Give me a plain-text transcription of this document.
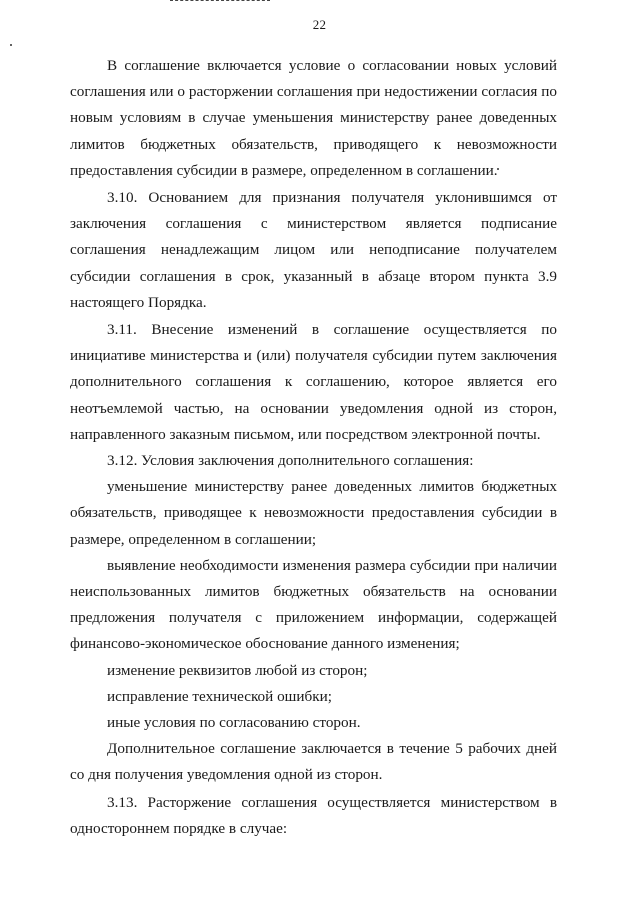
22

В соглашение включается условие о согласовании новых условий соглашения или о расторжении соглашения при недостижении согласия по новым условиям в случае уменьшения министерству ранее доведенных лимитов бюджетных обязательств, приводящего к невозможности предоставления субсидии в размере, определенном в соглашении.

3.10. Основанием для признания получателя уклонившимся от заключения соглашения с министерством является подписание соглашения ненадлежащим лицом или неподписание получателем субсидии соглашения в срок, указанный в абзаце втором пункта 3.9 настоящего Порядка.

3.11. Внесение изменений в соглашение осуществляется по инициативе министерства и (или) получателя субсидии путем заключения дополнительного соглашения к соглашению, которое является его неотъемлемой частью, на основании уведомления одной из сторон, направленного заказным письмом, или посредством электронной почты.

3.12. Условия заключения дополнительного соглашения:

уменьшение министерству ранее доведенных лимитов бюджетных обязательств, приводящее к невозможности предоставления субсидии в размере, определенном в соглашении;

выявление необходимости изменения размера субсидии при наличии неиспользованных лимитов бюджетных обязательств на основании предложения получателя с приложением информации, содержащей финансово-экономическое обоснование данного изменения;

изменение реквизитов любой из сторон;

исправление технической ошибки;

иные условия по согласованию сторон.

Дополнительное соглашение заключается в течение 5 рабочих дней со дня получения уведомления одной из сторон.

3.13. Расторжение соглашения осуществляется министерством в одностороннем порядке в случае:
